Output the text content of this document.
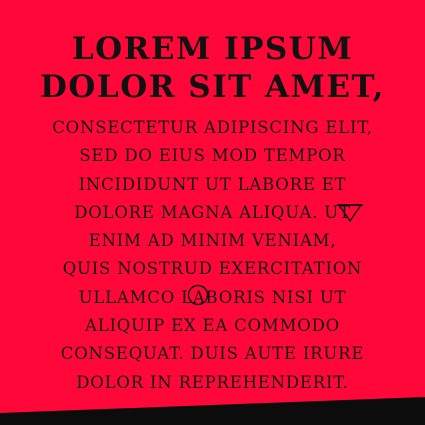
LOREM IPSUM
DOLOR SIT AMET,

CONSECTETUR ADIPISCING ELIT,
SED DO EIUS MOD TEMPOR
INCIDIDUNT UT LABORE ET
DOLORE MAGNA ALIQUA. UT
ENIM AD MINIM VENIAM,
QUIS NOSTRUD EXERCITATION
ULLAMCO LABORIS NISI UT
ALIQUIP EX EA COMMODO
CONSEQUAT. DUIS AUTE IRURE
DOLOR IN REPREHENDERIT.
